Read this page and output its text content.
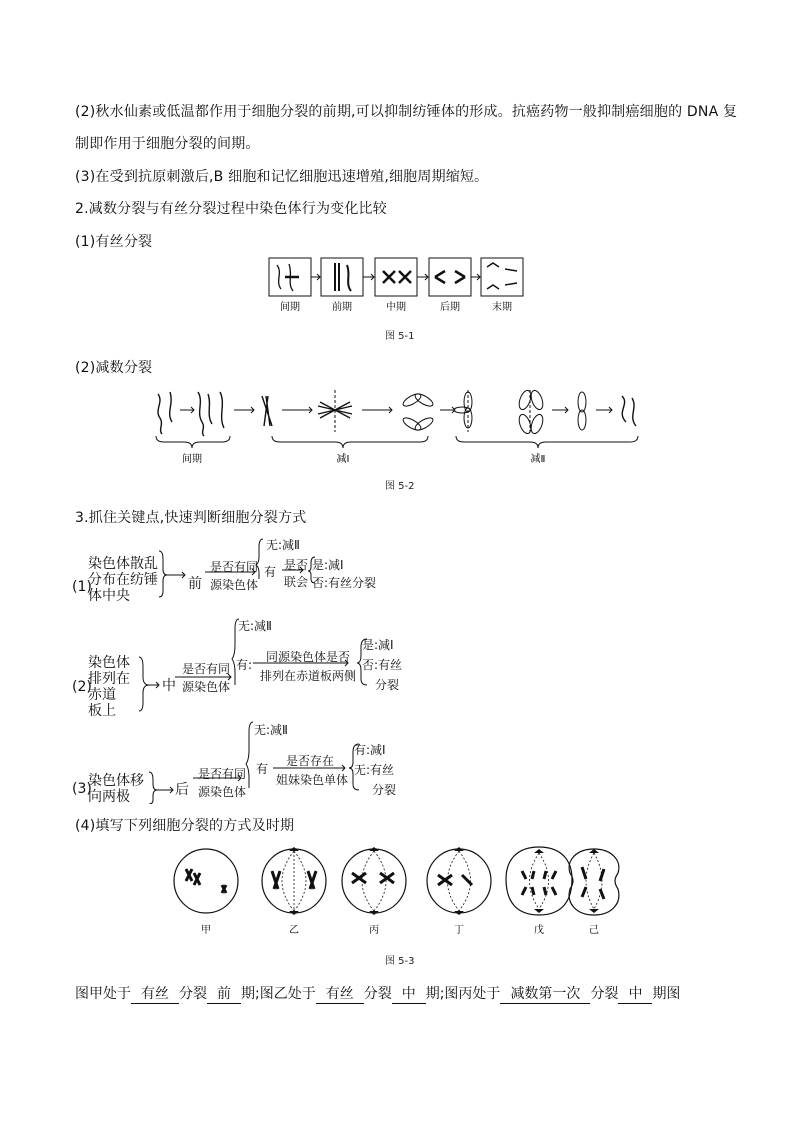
(2)秋水仙素或低温都作用于细胞分裂的前期,可以抑制纺锤体的形成。抗癌药物一般抑制癌细胞的 DNA 复
制即作用于细胞分裂的间期。
(3)在受到抗原刺激后,B 细胞和记忆细胞迅速增殖,细胞周期缩短。
2.减数分裂与有丝分裂过程中染色体行为变化比较
(1)有丝分裂
间期	前期	中期	后期	末期
图 5-1
(2)减数分裂
间期	减Ⅰ	减Ⅱ
图 5-2
3.抓住关键点,快速判断细胞分裂方式
(1)
染色体散乱
分布在纺锤
体中央
前
是否有同
源染色体
无:减Ⅱ
有 是否
联会
是:减Ⅰ
否:有丝分裂
(2)
染色体
排列在
赤道
板上
中
是否有同
源染色体
无:减Ⅱ
有:
同源染色体是否
排列在赤道板两侧
是:减Ⅰ
否:有丝
分裂
(3)
染色体移
向两极	后
是否有同
源染色体
无:减Ⅱ
有
是否存在
姐妹染色单体
有:减Ⅰ
无:有丝
分裂
(4)填写下列细胞分裂的方式及时期
甲	乙	丙	丁	戊	己
图 5-3
图甲处于 有丝 分裂 前 期;图乙处于 有丝 分裂 中 期;图丙处于 减数第一次 分裂 中 期图
